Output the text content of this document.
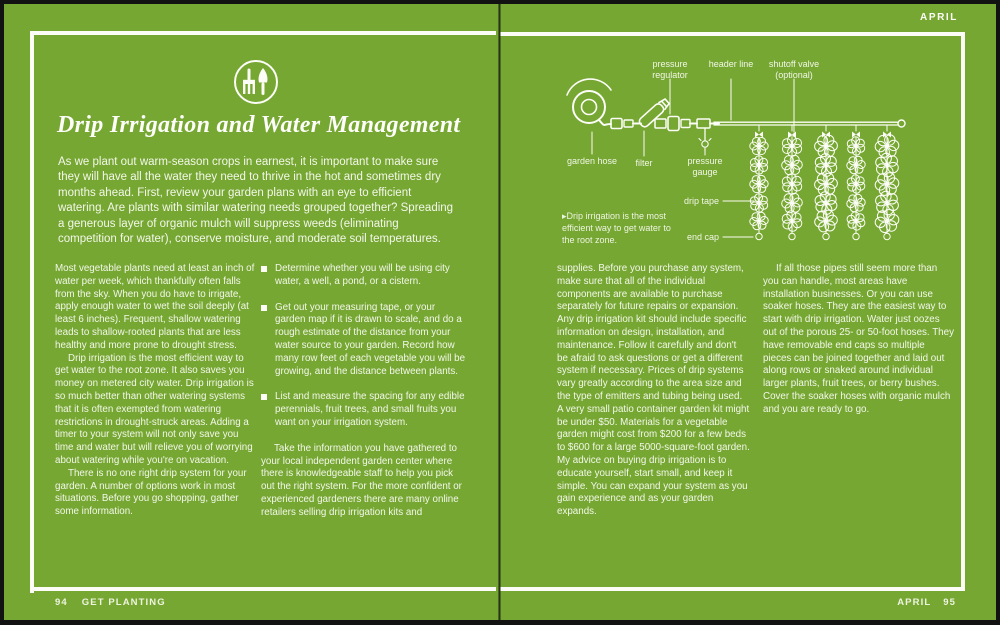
APRIL
Drip Irrigation and Water Management
As we plant out warm-season crops in earnest, it is important to make sure they will have all the water they need to thrive in the hot and sometimes dry months ahead. First, review your garden plans with an eye to efficient watering. Are plants with similar watering needs grouped together? Spreading a generous layer of organic mulch will suppress weeds (eliminating competition for water), conserve moisture, and moderate soil temperatures.

Most vegetable plants need at least an inch of water per week, which thankfully often falls from the sky. When you do have to irrigate, apply enough water to wet the soil deeply (at least 6 inches). Frequent, shallow watering leads to shallow-rooted plants that are less healthy and more prone to drought stress.

Drip irrigation is the most efficient way to get water to the root zone. It also saves you money on metered city water. Drip irrigation is so much better than other watering systems that it is often exempted from watering restrictions in drought-struck areas. Adding a timer to your system will not only save you time and water but will relieve you of worrying about watering while you're on vacation.

There is no one right drip system for your garden. A number of options work in most situations. Before you go shopping, gather some information.

Determine whether you will be using city water, a well, a pond, or a cistern.
Get out your measuring tape, or your garden map if it is drawn to scale, and do a rough estimate of the distance from your water source to your garden. Record how many row feet of each vegetable you will be growing, and the distance between plants.
List and measure the spacing for any edible perennials, fruit trees, and small fruits you want on your irrigation system.

Take the information you have gathered to your local independent garden center where there is knowledgeable staff to help you pick out the right system. For the more confident or experienced gardeners there are many online retailers selling drip irrigation kits and

94 GET PLANTING
pressure regulator
header line	shutoff valve (optional)
garden hose	filter	pressure gauge
drip tape
end cap
▸Drip irrigation is the most efficient way to get water to the root zone.

supplies. Before you purchase any system, make sure that all of the individual components are available to purchase separately for future repairs or expansion. Any drip irrigation kit should include specific information on design, installation, and maintenance. Follow it carefully and don't be afraid to ask questions or get a different system if necessary. Prices of drip systems vary greatly according to the area size and the type of emitters and tubing being used. A very small patio container garden kit might be under $50. Materials for a vegetable garden might cost from $200 for a few beds to $600 for a large 5000-square-foot garden. My advice on buying drip irrigation is to educate yourself, start small, and keep it simple. You can expand your system as you gain experience and as your garden expands.

If all those pipes still seem more than you can handle, most areas have installation businesses. Or you can use soaker hoses. They are the easiest way to start with drip irrigation. Water just oozes out of the porous 25- or 50-foot hoses. They have removable end caps so multiple pieces can be joined together and laid out along rows or snaked around individual larger plants, fruit trees, or berry bushes. Cover the soaker hoses with organic mulch and you are ready to go.

APRIL 95
